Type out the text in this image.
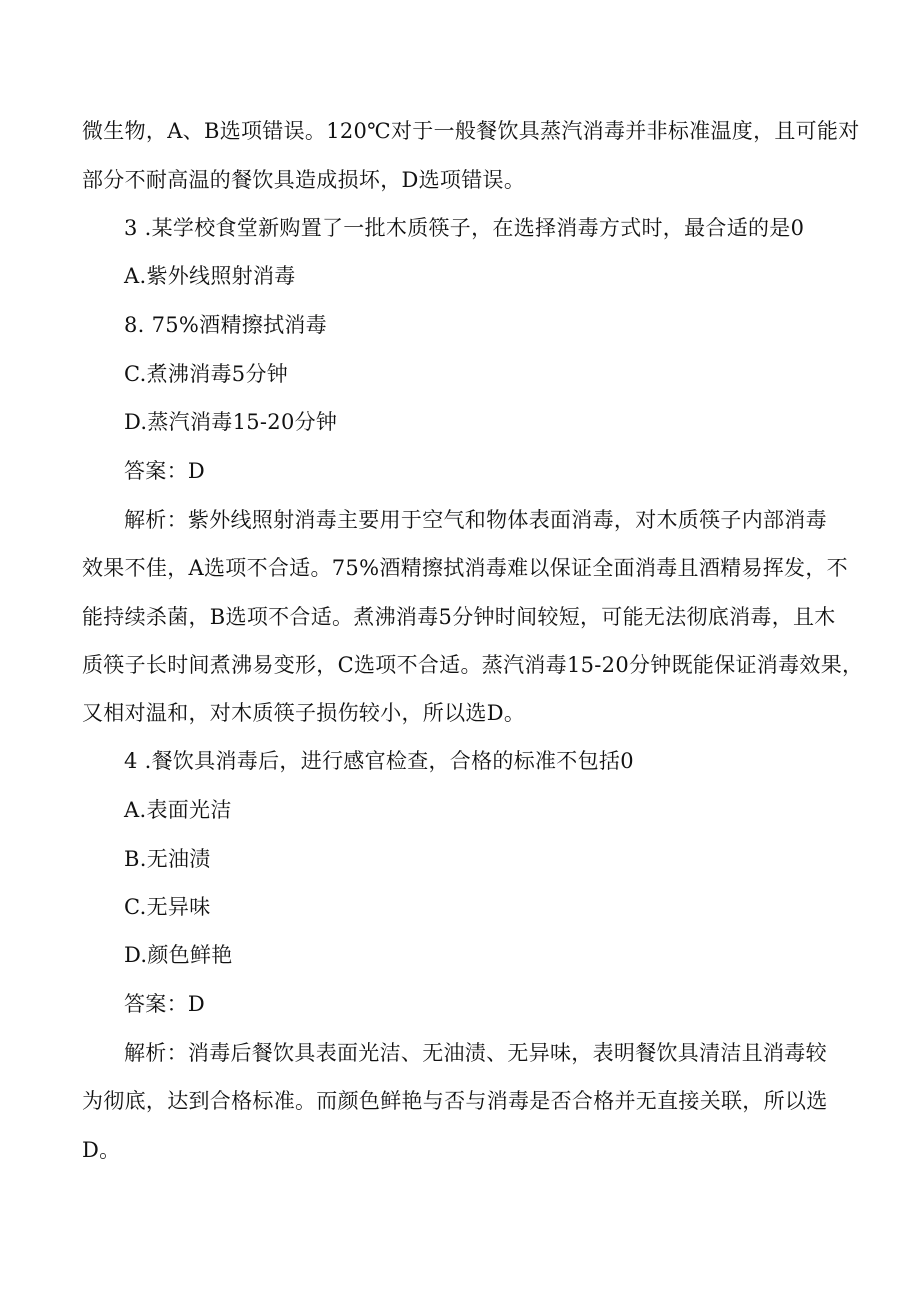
微生物，A、B选项错误。120℃对于一般餐饮具蒸汽消毒并非标准温度，且可能对
部分不耐高温的餐饮具造成损坏，D选项错误。
3 .某学校食堂新购置了一批木质筷子，在选择消毒方式时，最合适的是0
A.紫外线照射消毒
8. 75%酒精擦拭消毒
C.煮沸消毒5分钟
D.蒸汽消毒15-20分钟
答案：D
解析：紫外线照射消毒主要用于空气和物体表面消毒，对木质筷子内部消毒
效果不佳，A选项不合适。75%酒精擦拭消毒难以保证全面消毒且酒精易挥发，不
能持续杀菌，B选项不合适。煮沸消毒5分钟时间较短，可能无法彻底消毒，且木
质筷子长时间煮沸易变形，C选项不合适。蒸汽消毒15-20分钟既能保证消毒效果，
又相对温和，对木质筷子损伤较小，所以选D。
4 .餐饮具消毒后，进行感官检查，合格的标准不包括0
A.表面光洁
B.无油渍
C.无异味
D.颜色鲜艳
答案：D
解析：消毒后餐饮具表面光洁、无油渍、无异味，表明餐饮具清洁且消毒较
为彻底，达到合格标准。而颜色鲜艳与否与消毒是否合格并无直接关联，所以选
D。
